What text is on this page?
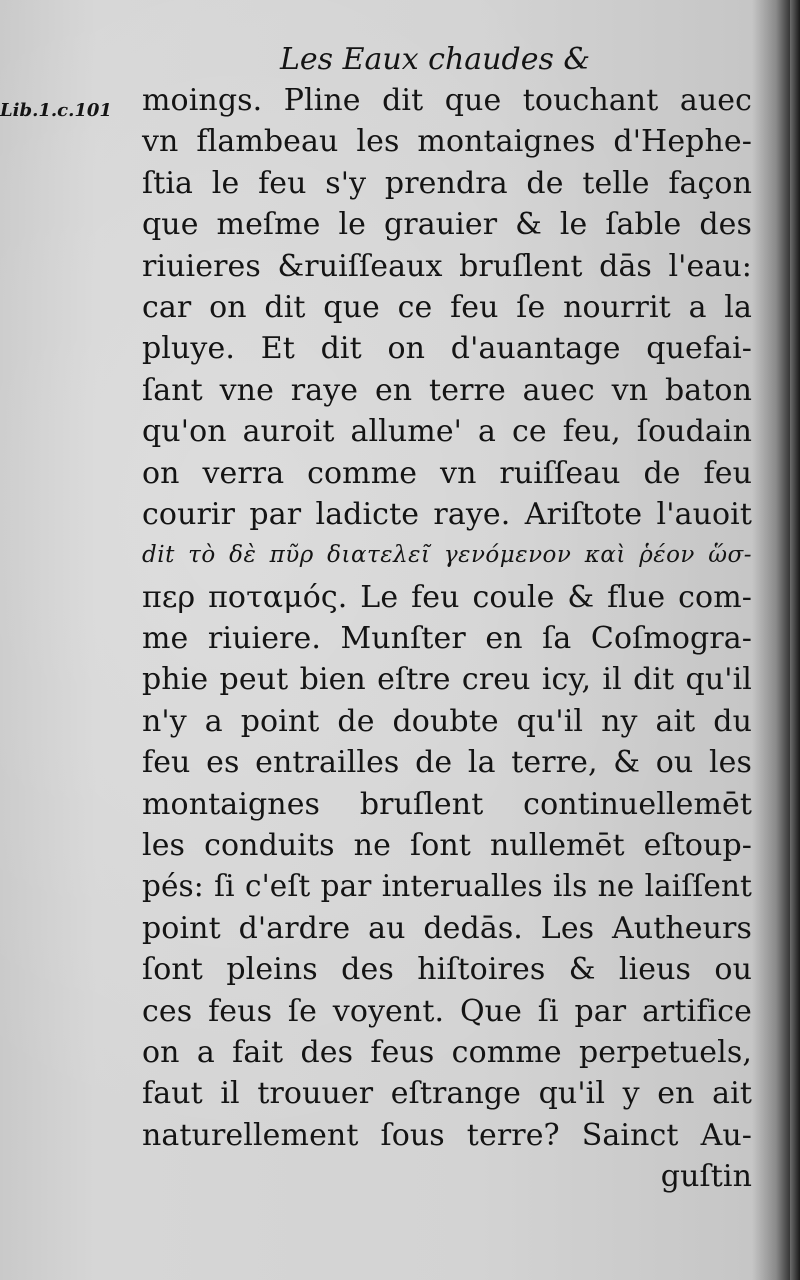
Les Eaux chaudes &
Lib.1.c.101 moings. Pline dit que touchant auec
vn flambeau les montaignes d'Hephe-
ſtia le feu s'y prendra de telle façon
que meſme le grauier & le ſable des
riuieres &ruiſſeaux bruſlent dās l'eau:
car on dit que ce feu ſe nourrit a la
pluye. Et dit on d'auantage quefai-
ſant vne raye en terre auec vn baton
qu'on auroit allume' a ce feu, ſoudain
on verra comme vn ruiſſeau de feu
courir par ladicte raye. Ariſtote l'auoit
dit τὸ δὲ πῦρ διατελεῖ γενόμενον καὶ ῥέον ὥσ-
περ ποταμός. Le feu coule & flue com-
me riuiere. Munſter en ſa Coſmogra-
phie peut bien eſtre creu icy, il dit qu'il
n'y a point de doubte qu'il ny ait du
feu es entrailles de la terre, & ou les
montaignes bruſlent continuellemēt
les conduits ne ſont nullemēt eſtoup-
pés: ſi c'eſt par interualles ils ne laiſſent
point d'ardre au dedās. Les Autheurs
ſont pleins des hiſtoires & lieus ou
ces feus ſe voyent. Que ſi par artifice
on a fait des feus comme perpetuels,
faut il trouuer eſtrange qu'il y en ait
naturellement ſous terre? Sainct Au-
guſtin
